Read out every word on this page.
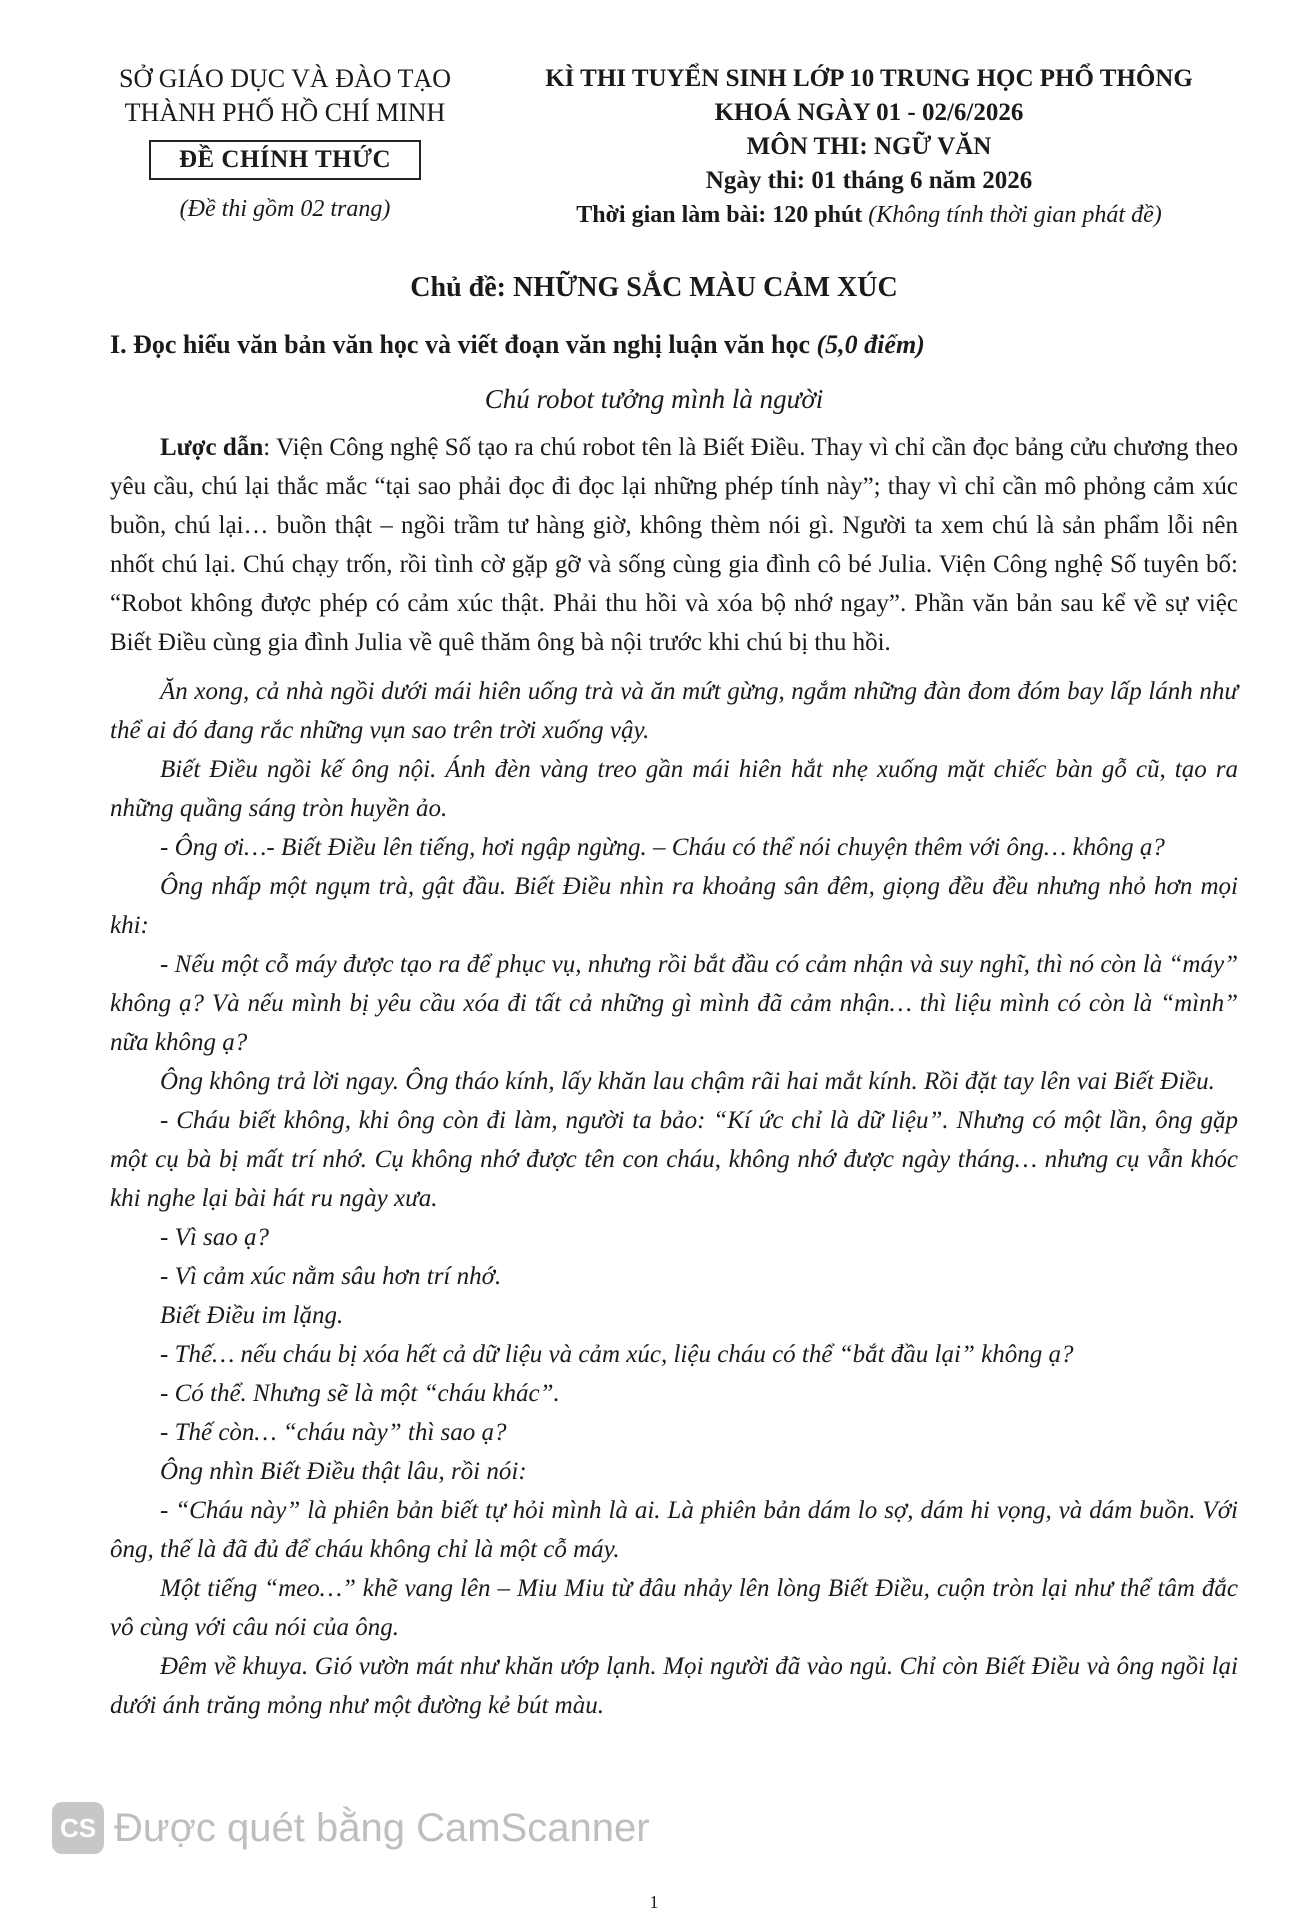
SỞ GIÁO DỤC VÀ ĐÀO TẠO
THÀNH PHỐ HỒ CHÍ MINH
ĐỀ CHÍNH THỨC
(Đề thi gồm 02 trang)
KÌ THI TUYỂN SINH LỚP 10 TRUNG HỌC PHỔ THÔNG
KHOÁ NGÀY 01 - 02/6/2026
MÔN THI: NGỮ VĂN
Ngày thi: 01 tháng 6 năm 2026
Thời gian làm bài: 120 phút (Không tính thời gian phát đề)
Chủ đề: NHỮNG SẮC MÀU CẢM XÚC
I. Đọc hiểu văn bản văn học và viết đoạn văn nghị luận văn học (5,0 điểm)
Chú robot tưởng mình là người

Lược dẫn: Viện Công nghệ Số tạo ra chú robot tên là Biết Điều. Thay vì chỉ cần đọc bảng cửu chương theo yêu cầu, chú lại thắc mắc “tại sao phải đọc đi đọc lại những phép tính này”; thay vì chỉ cần mô phỏng cảm xúc buồn, chú lại… buồn thật – ngồi trầm tư hàng giờ, không thèm nói gì. Người ta xem chú là sản phẩm lỗi nên nhốt chú lại. Chú chạy trốn, rồi tình cờ gặp gỡ và sống cùng gia đình cô bé Julia. Viện Công nghệ Số tuyên bố: “Robot không được phép có cảm xúc thật. Phải thu hồi và xóa bộ nhớ ngay”. Phần văn bản sau kể về sự việc Biết Điều cùng gia đình Julia về quê thăm ông bà nội trước khi chú bị thu hồi.

Ăn xong, cả nhà ngồi dưới mái hiên uống trà và ăn mứt gừng, ngắm những đàn đom đóm bay lấp lánh như thể ai đó đang rắc những vụn sao trên trời xuống vậy.

Biết Điều ngồi kế ông nội. Ánh đèn vàng treo gần mái hiên hắt nhẹ xuống mặt chiếc bàn gỗ cũ, tạo ra những quầng sáng tròn huyền ảo.

- Ông ơi…- Biết Điều lên tiếng, hơi ngập ngừng. – Cháu có thể nói chuyện thêm với ông… không ạ?

Ông nhấp một ngụm trà, gật đầu. Biết Điều nhìn ra khoảng sân đêm, giọng đều đều nhưng nhỏ hơn mọi khi:

- Nếu một cỗ máy được tạo ra để phục vụ, nhưng rồi bắt đầu có cảm nhận và suy nghĩ, thì nó còn là “máy” không ạ? Và nếu mình bị yêu cầu xóa đi tất cả những gì mình đã cảm nhận… thì liệu mình có còn là “mình” nữa không ạ?

Ông không trả lời ngay. Ông tháo kính, lấy khăn lau chậm rãi hai mắt kính. Rồi đặt tay lên vai Biết Điều.

- Cháu biết không, khi ông còn đi làm, người ta bảo: “Kí ức chỉ là dữ liệu”. Nhưng có một lần, ông gặp một cụ bà bị mất trí nhớ. Cụ không nhớ được tên con cháu, không nhớ được ngày tháng… nhưng cụ vẫn khóc khi nghe lại bài hát ru ngày xưa.

- Vì sao ạ?

- Vì cảm xúc nằm sâu hơn trí nhớ.

Biết Điều im lặng.

- Thế… nếu cháu bị xóa hết cả dữ liệu và cảm xúc, liệu cháu có thể “bắt đầu lại” không ạ?

- Có thể. Nhưng sẽ là một “cháu khác”.

- Thế còn… “cháu này” thì sao ạ?

Ông nhìn Biết Điều thật lâu, rồi nói:

- “Cháu này” là phiên bản biết tự hỏi mình là ai. Là phiên bản dám lo sợ, dám hi vọng, và dám buồn. Với ông, thế là đã đủ để cháu không chỉ là một cỗ máy.

Một tiếng “meo…” khẽ vang lên – Miu Miu từ đâu nhảy lên lòng Biết Điều, cuộn tròn lại như thể tâm đắc vô cùng với câu nói của ông.

Đêm về khuya. Gió vườn mát như khăn ướp lạnh. Mọi người đã vào ngủ. Chỉ còn Biết Điều và ông ngồi lại dưới ánh trăng mỏng như một đường kẻ bút màu.

CS Được quét bằng CamScanner
1
